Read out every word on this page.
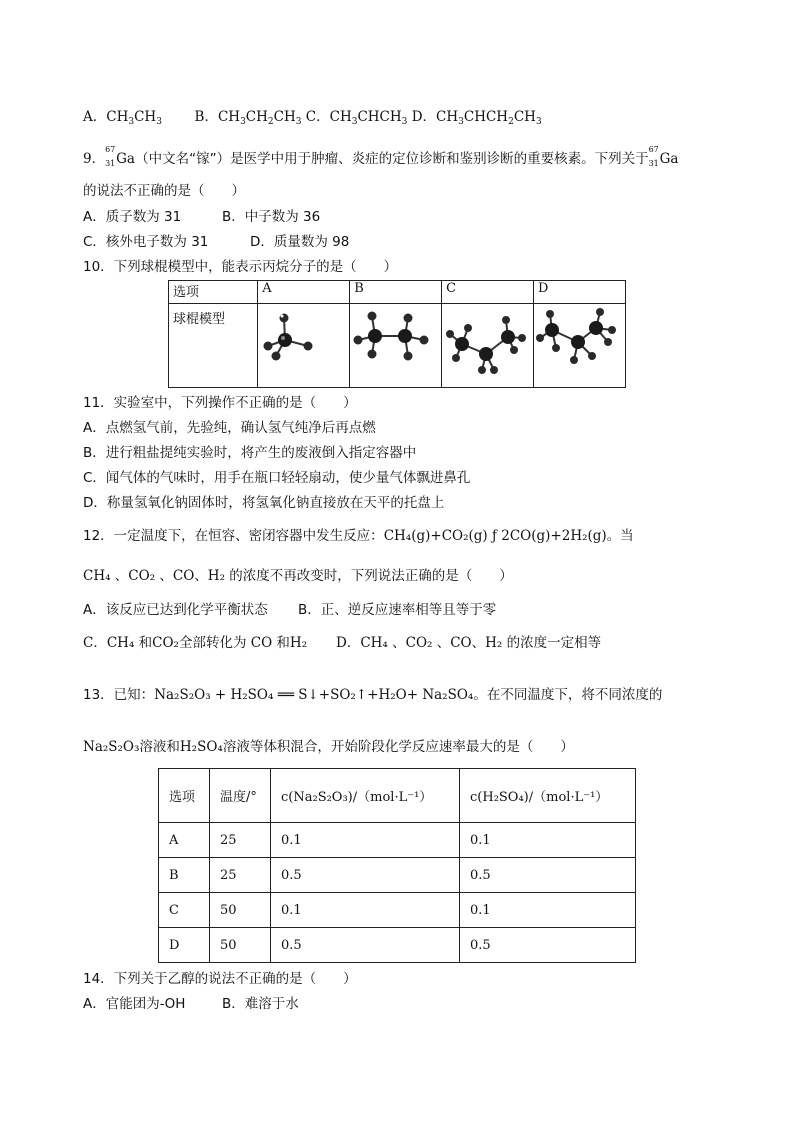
A．$CH_3CH_3$ B．$CH_3CH_2CH_3$ C．$CH_3CHCH_3$ D．$CH_3CHCH_2CH_3$
9．
67
31 Ga（中文名“镓”）是医学中用于肿瘤、炎症的定位诊断和鉴别诊断的重要核素。下列关于
67
31 Ga
的说法不正确的是（　　）
A．质子数为 31	B．中子数为 36
C．核外电子数为 31	D．质量数为 98
10．下列球棍模型中，能表示丙烷分子的是（　　）
选项	A	B	C	D
球棍模型	

11．实验室中，下列操作不正确的是（　　）
A．点燃氢气前，先验纯，确认氢气纯净后再点燃
B．进行粗盐提纯实验时，将产生的废液倒入指定容器中
C．闻气体的气味时，用手在瓶口轻轻扇动，使少量气体飘进鼻孔
D．称量氢氧化钠固体时，将氢氧化钠直接放在天平的托盘上
12．一定温度下，在恒容、密闭容器中发生反应：CH₄(g)+CO₂(g) ƒ 2CO(g)+2H₂(g)。当
CH₄ 、CO₂ 、CO、H₂ 的浓度不再改变时，下列说法正确的是（　　）
A．该反应已达到化学平衡状态 B．正、逆反应速率相等且等于零
C．CH₄ 和CO₂全部转化为 CO 和H₂ D．CH₄ 、CO₂ 、CO、H₂ 的浓度一定相等
13．已知：Na₂S₂O₃ + H₂SO₄ ══ S↓+SO₂↑+H₂O+ Na₂SO₄。在不同温度下，将不同浓度的
Na₂S₂O₃溶液和H₂SO₄溶液等体积混合，开始阶段化学反应速率最大的是（　　）
选项	温度/°	c(Na₂S₂O₃)/（mol·L⁻¹）	c(H₂SO₄)/（mol·L⁻¹）
A	25	0.1	0.1
B	25	0.5	0.5
C	50	0.1	0.1
D	50	0.5	0.5
14．下列关于乙醇的说法不正确的是（　　）
A．官能团为-OH	B．难溶于水
